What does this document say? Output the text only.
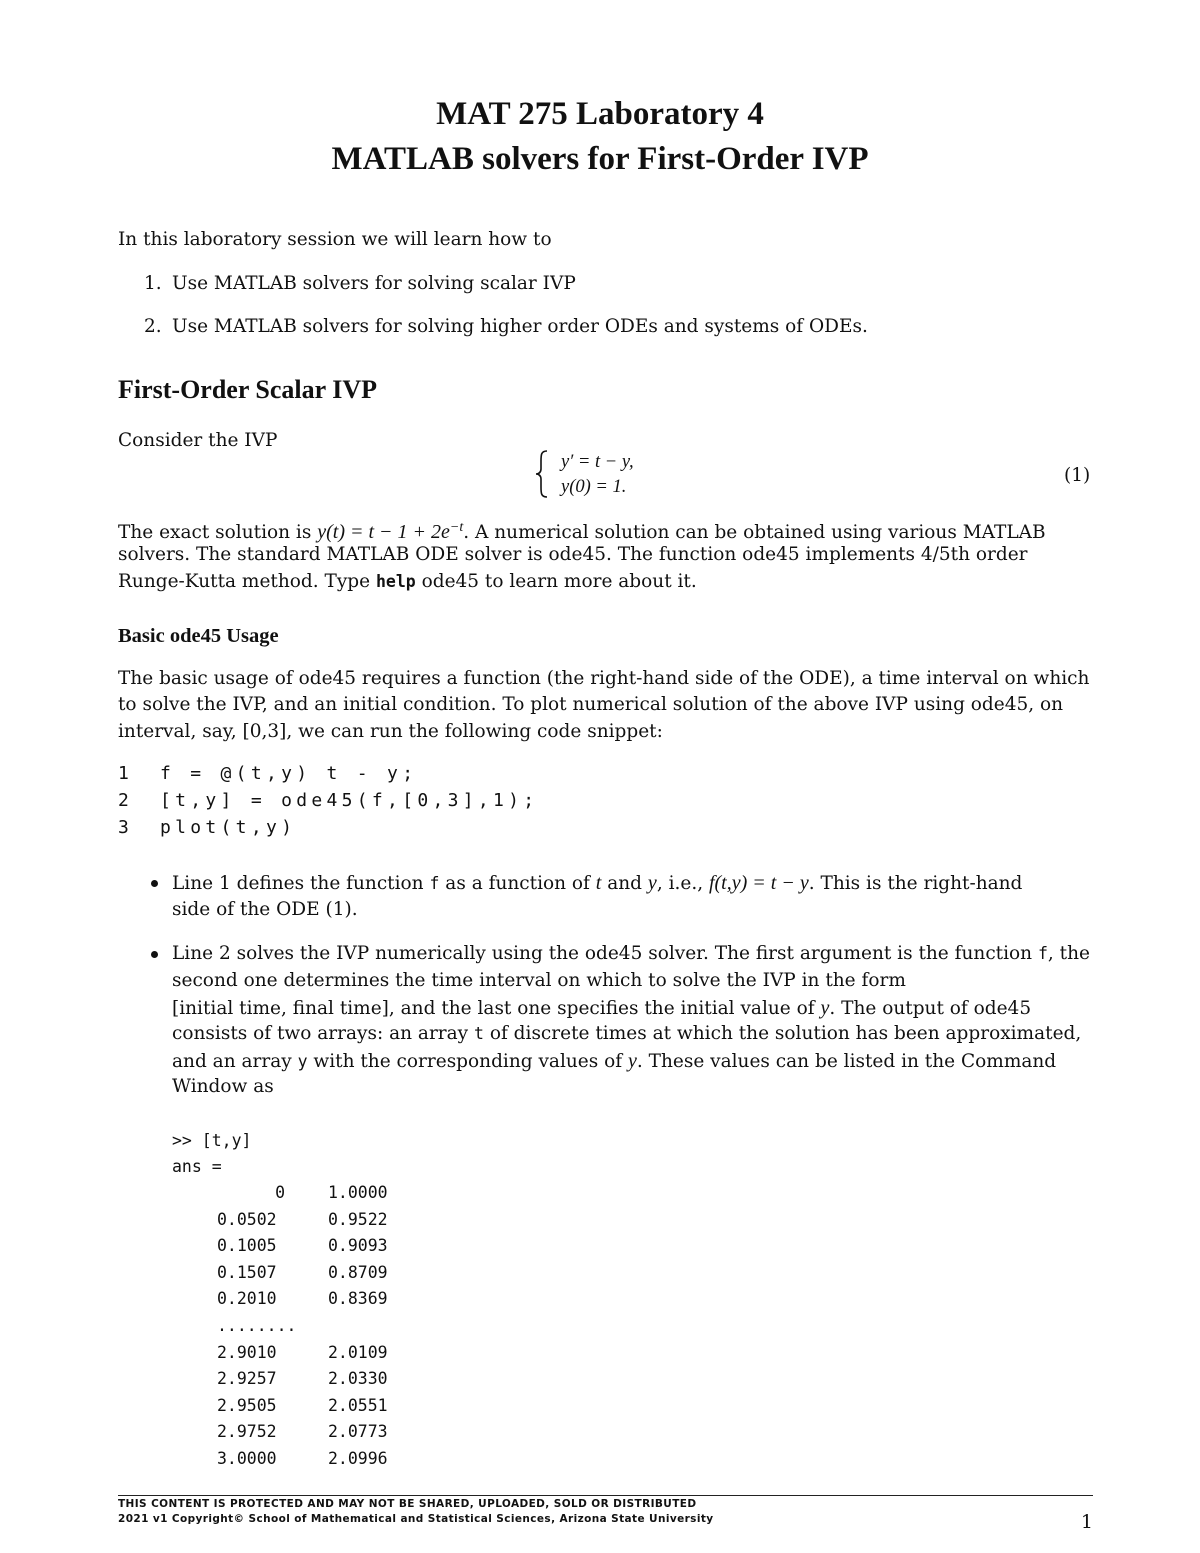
MAT 275 Laboratory 4
MATLAB solvers for First-Order IVP
In this laboratory session we will learn how to
1. Use MATLAB solvers for solving scalar IVP
2. Use MATLAB solvers for solving higher order ODEs and systems of ODEs.
First-Order Scalar IVP
Consider the IVP
y′ = t − y,
y(0) = 1.
(1)
The exact solution is $y(t) = t - 1 + 2e^{-t}$. A numerical solution can be obtained using various MATLAB
solvers. The standard MATLAB ODE solver is ode45. The function ode45 implements 4/5th order
Runge-Kutta method. Type help ode45 to learn more about it.
Basic ode45 Usage
The basic usage of ode45 requires a function (the right-hand side of the ODE), a time interval on which
to solve the IVP, and an initial condition. To plot numerical solution of the above IVP using ode45, on
interval, say, [0,3], we can run the following code snippet:
1 f = @(t,y) t - y;
2 [t,y] = ode45(f,[0,3],1);
3 plot(t,y)
Line 1 defines the function f as a function of t and y, i.e., f(t,y) = t − y. This is the right-hand
side of the ODE (1).
Line 2 solves the IVP numerically using the ode45 solver. The first argument is the function f, the
second one determines the time interval on which to solve the IVP in the form
[initial time, final time], and the last one specifies the initial value of y. The output of ode45
consists of two arrays: an array t of discrete times at which the solution has been approximated,
and an array y with the corresponding values of y. These values can be listed in the Command
Window as
>> [t,y]
ans =
0	1.0000
0.0502	0.9522
0.1005	0.9093
0.1507	0.8709
0.2010	0.8369
........
2.9010	2.0109
2.9257	2.0330
2.9505	2.0551
2.9752	2.0773
3.0000	2.0996
THIS CONTENT IS PROTECTED AND MAY NOT BE SHARED, UPLOADED, SOLD OR DISTRIBUTED
2021 v1 Copyright© School of Mathematical and Statistical Sciences, Arizona State University	1
